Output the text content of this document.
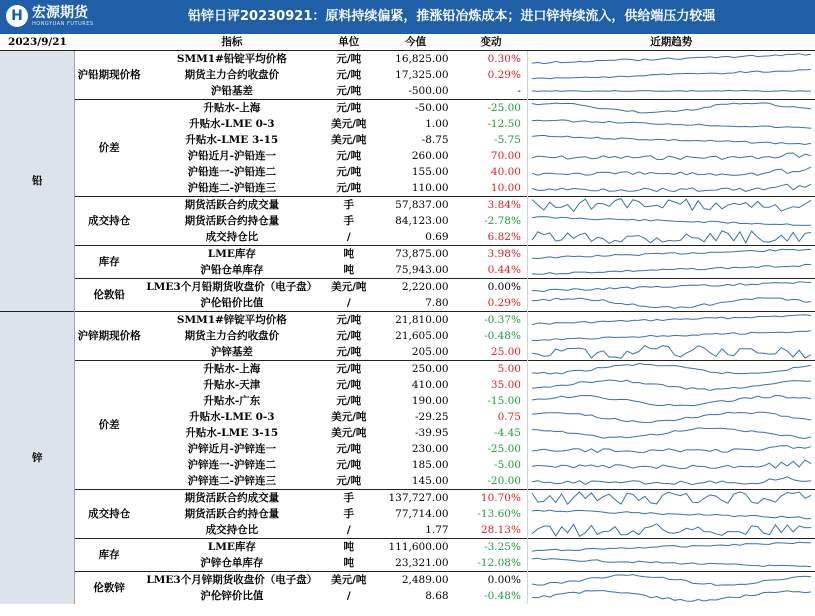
H 宏源期货
HONGYUAN FUTURES	铅锌日评20230921：原料持续偏紧，推涨铅冶炼成本；进口锌持续流入，供给端压力较强
2023/9/21		指标	单位	今值	变动	近期趋势
铅	沪铅期现价格	SMM1#铅锭平均价格	元/吨	16,825.00	0.30%	

		期货主力合约收盘价	元/吨	17,325.00	0.29%	

		沪铅基差	元/吨	-500.00	-	

	价差	升贴水-上海	元/吨	-50.00	-25.00	

		升贴水-LME 0-3	美元/吨	1.00	-12.50	

		升贴水-LME 3-15	美元/吨	-8.75	-5.75	

		沪铅近月-沪铅连一	元/吨	260.00	70.00	

		沪铅连一-沪铅连二	元/吨	155.00	40.00	

		沪铅连二-沪铅连三	元/吨	110.00	10.00	

	成交持仓	期货活跃合约成交量	手	57,837.00	3.84%	

		期货活跃合约持仓量	手	84,123.00	-2.78%	

		成交持仓比	/	0.69	6.82%	

	库存	LME库存	吨	73,875.00	3.98%	

		沪铅仓单库存	吨	75,943.00	0.44%	

	伦敦铅	LME3个月铅期货收盘价（电子盘）	美元/吨	2,220.00	0.00%	

		沪伦铅价比值	/	7.80	0.29%	

锌	沪锌期现价格	SMM1#锌锭平均价格	元/吨	21,810.00	-0.37%	

		期货主力合约收盘价	元/吨	21,605.00	-0.48%	

		沪锌基差	元/吨	205.00	25.00	

	价差	升贴水-上海	元/吨	250.00	5.00	

		升贴水-天津	元/吨	410.00	35.00	

		升贴水-广东	元/吨	190.00	-15.00	

		升贴水-LME 0-3	美元/吨	-29.25	0.75	

		升贴水-LME 3-15	美元/吨	-39.95	-4.45	

		沪锌近月-沪锌连一	元/吨	230.00	-25.00	

		沪锌连一-沪锌连二	元/吨	185.00	-5.00	

		沪锌连二-沪锌连三	元/吨	145.00	-20.00	

	成交持仓	期货活跃合约成交量	手	137,727.00	10.70%	

		期货活跃合约持仓量	手	77,714.00	-13.60%	

		成交持仓比	/	1.77	28.13%	

	库存	LME库存	吨	111,600.00	-3.25%	

		沪锌仓单库存	吨	23,321.00	-12.08%	

	伦敦锌	LME3个月锌期货收盘价（电子盘）	美元/吨	2,489.00	0.00%	

		沪伦锌价比值	/	8.68	-0.48%	
